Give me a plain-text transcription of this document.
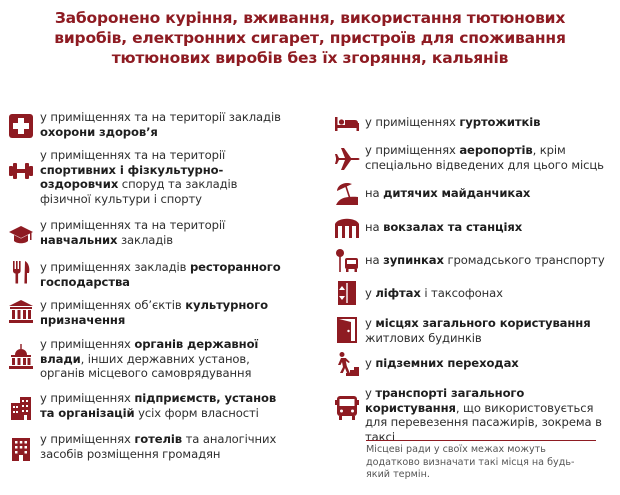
Заборонено куріння, вживання, використання тютюнових
виробів, електронних сигарет, пристроїв для споживання
тютюнових виробів без їх згоряння, кальянів
у приміщеннях та на території закладів охорони здоров’я
у приміщеннях та на території спортивних і фізкультурно-оздоровчих споруд та закладів фізичної культури і спорту
у приміщеннях та на території навчальних закладів
у приміщеннях закладів ресторанного господарства
у приміщеннях об’єктів культурного призначення
у приміщеннях органів державної влади, інших державних установ, органів місцевого самоврядування
у приміщеннях підприємств, установ та організацій усіх форм власності
у приміщеннях готелів та аналогічних засобів розміщення громадян
у приміщеннях гуртожитків
у приміщеннях аеропортів, крім спеціально відведених для цього місць
на дитячих майданчиках
на вокзалах та станціях
на зупинках громадського транспорту
у ліфтах і таксофонах
у місцях загального користування житлових будинків
у підземних переходах
у транспорті загального користування, що використовується для перевезення пасажирів, зокрема в таксі
Місцеві ради у своїх межах можуть додатково визначати такі місця на будь-який термін.
